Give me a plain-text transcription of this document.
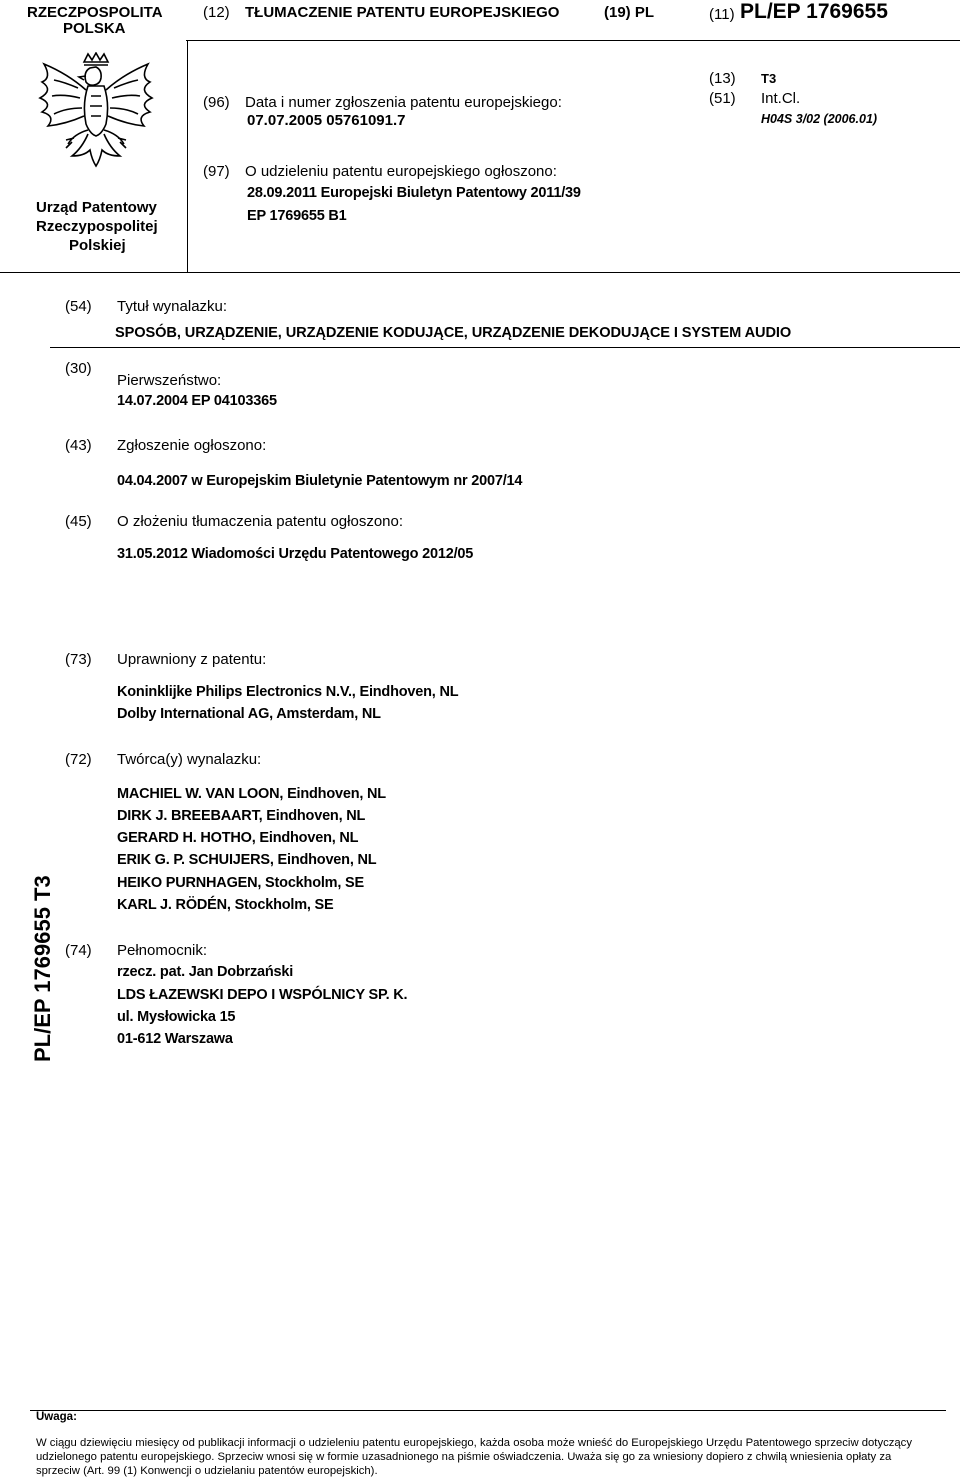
RZECZPOSPOLITA
POLSKA
(12) TŁUMACZENIE PATENTU EUROPEJSKIEGO	(19) PL	(11) PL/EP 1769655
Urząd Patentowy
Rzeczypospolitej
Polskiej
(96) Data i numer zgłoszenia patentu europejskiego:
07.07.2005 05761091.7
(13) T3
(51) Int.Cl.
H04S 3/02 (2006.01)
(97) O udzieleniu patentu europejskiego ogłoszono:
28.09.2011 Europejski Biuletyn Patentowy 2011/39
EP 1769655 B1
(54) Tytuł wynalazku:
SPOSÓB, URZĄDZENIE, URZĄDZENIE KODUJĄCE, URZĄDZENIE DEKODUJĄCE I SYSTEM AUDIO
(30)
Pierwszeństwo:
14.07.2004 EP 04103365
(43) Zgłoszenie ogłoszono:
04.04.2007 w Europejskim Biuletynie Patentowym nr 2007/14
(45) O złożeniu tłumaczenia patentu ogłoszono:
31.05.2012 Wiadomości Urzędu Patentowego 2012/05
(73) Uprawniony z patentu:
Koninklijke Philips Electronics N.V., Eindhoven, NL
Dolby International AG, Amsterdam, NL
(72) Twórca(y) wynalazku:
MACHIEL W. VAN LOON, Eindhoven, NL
DIRK J. BREEBAART, Eindhoven, NL
GERARD H. HOTHO, Eindhoven, NL
ERIK G. P. SCHUIJERS, Eindhoven, NL
HEIKO PURNHAGEN, Stockholm, SE
KARL J. RÖDÉN, Stockholm, SE
(74) Pełnomocnik:
rzecz. pat. Jan Dobrzański
LDS ŁAZEWSKI DEPO I WSPÓLNICY SP. K.
ul. Mysłowicka 15
01-612 Warszawa
PL/EP 1769655 T3
Uwaga:
W ciągu dziewięciu miesięcy od publikacji informacji o udzieleniu patentu europejskiego, każda osoba może wnieść do Europejskiego Urzędu Patentowego sprzeciw dotyczący udzielonego patentu europejskiego. Sprzeciw wnosi się w formie uzasadnionego na piśmie oświadczenia. Uważa się go za wniesiony dopiero z chwilą wniesienia opłaty za sprzeciw (Art. 99 (1) Konwencji o udzielaniu patentów europejskich).
